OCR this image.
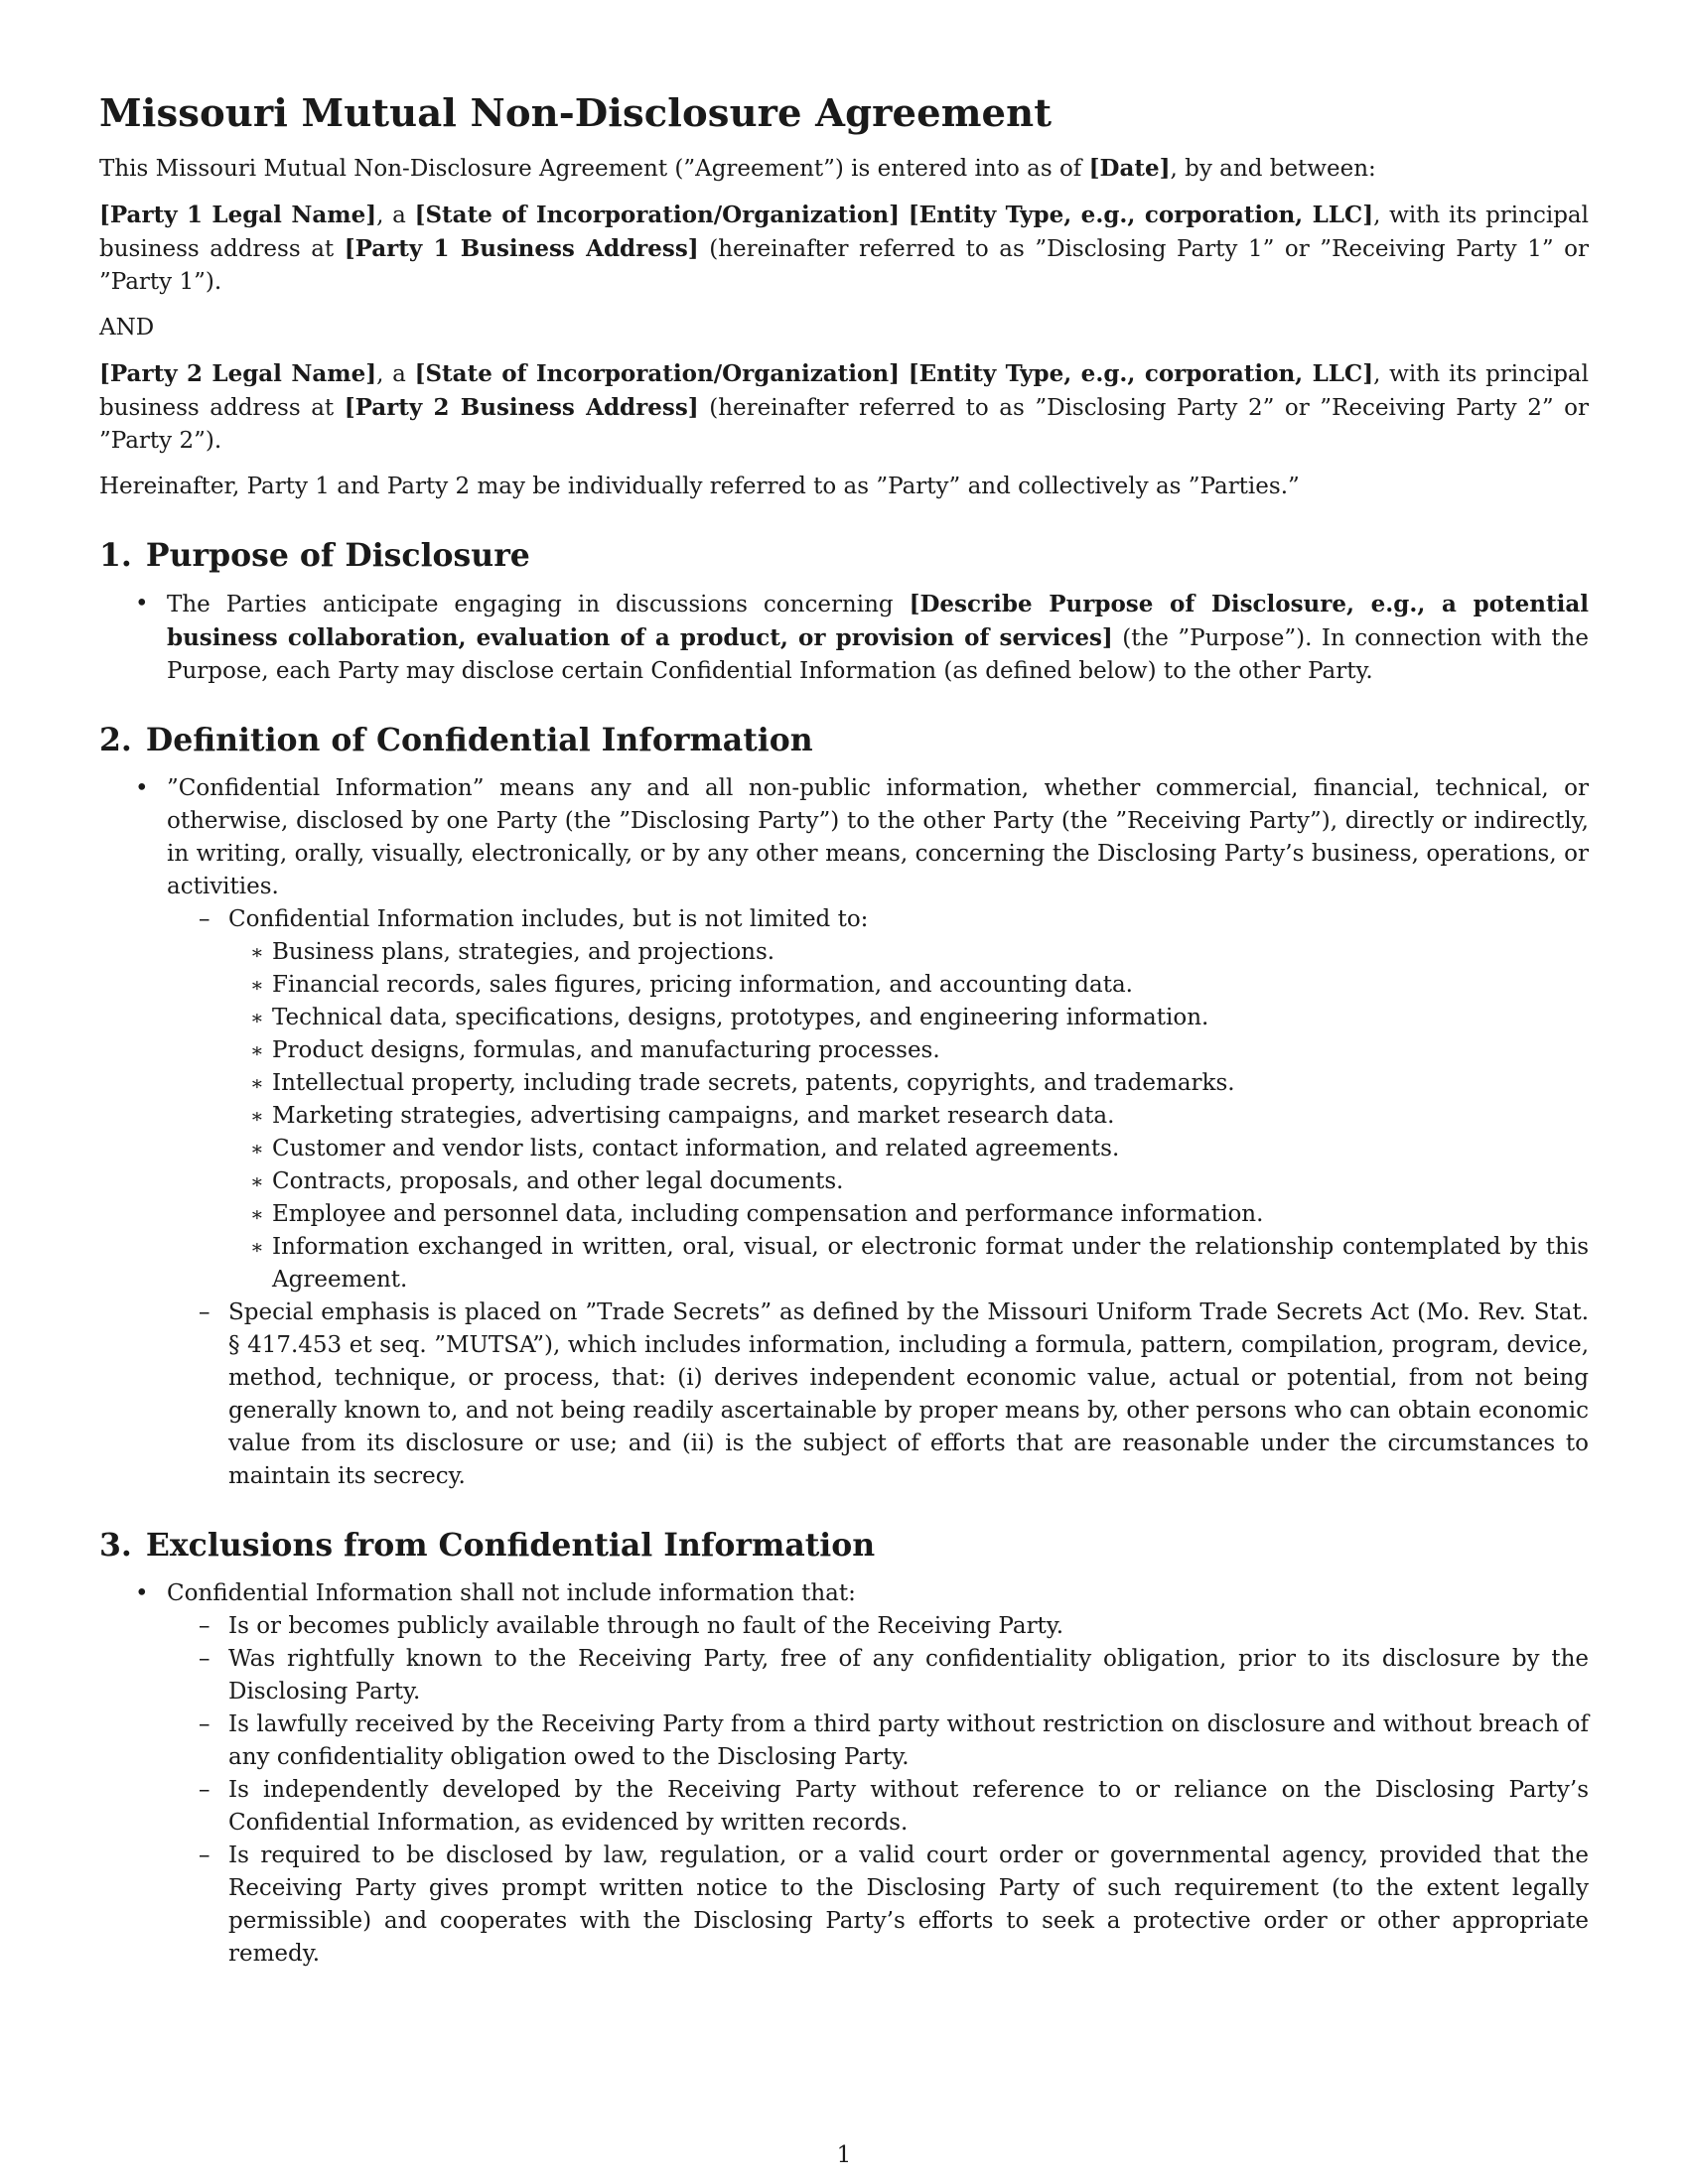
Missouri Mutual Non-Disclosure Agreement

This Missouri Mutual Non-Disclosure Agreement (”Agreement”) is entered into as of [Date], by and between:

[Party 1 Legal Name], a [State of Incorporation/Organization] [Entity Type, e.g., corporation, LLC], with its principal business address at [Party 1 Business Address] (hereinafter referred to as ”Disclosing Party 1” or ”Receiving Party 1” or ”Party 1”).

AND

[Party 2 Legal Name], a [State of Incorporation/Organization] [Entity Type, e.g., corporation, LLC], with its principal business address at [Party 2 Business Address] (hereinafter referred to as ”Disclosing Party 2” or ”Receiving Party 2” or ”Party 2”).

Hereinafter, Party 1 and Party 2 may be individually referred to as ”Party” and collectively as ”Parties.”

1. Purpose of Disclosure
• The Parties anticipate engaging in discussions concerning [Describe Purpose of Disclosure, e.g., a potential business collaboration, evaluation of a product, or provision of services] (the ”Purpose”). In connection with the Purpose, each Party may disclose certain Confidential Information (as defined below) to the other Party.
2. Definition of Confidential Information
• ”Confidential Information” means any and all non-public information, whether commercial, financial, technical, or otherwise, disclosed by one Party (the ”Disclosing Party”) to the other Party (the ”Receiving Party”), directly or indirectly, in writing, orally, visually, electronically, or by any other means, concerning the Disclosing Party’s business, operations, or activities.
– Confidential Information includes, but is not limited to:
∗ Business plans, strategies, and projections.
∗ Financial records, sales figures, pricing information, and accounting data.
∗ Technical data, specifications, designs, prototypes, and engineering information.
∗ Product designs, formulas, and manufacturing processes.
∗ Intellectual property, including trade secrets, patents, copyrights, and trademarks.
∗ Marketing strategies, advertising campaigns, and market research data.
∗ Customer and vendor lists, contact information, and related agreements.
∗ Contracts, proposals, and other legal documents.
∗ Employee and personnel data, including compensation and performance information.
∗ Information exchanged in written, oral, visual, or electronic format under the relationship contemplated by this Agreement.
– Special emphasis is placed on ”Trade Secrets” as defined by the Missouri Uniform Trade Secrets Act (Mo. Rev. Stat. § 417.453 et seq. ”MUTSA”), which includes information, including a formula, pattern, compilation, program, device, method, technique, or process, that: (i) derives independent economic value, actual or potential, from not being generally known to, and not being readily ascertainable by proper means by, other persons who can obtain economic value from its disclosure or use; and (ii) is the subject of efforts that are reasonable under the circumstances to maintain its secrecy.
3. Exclusions from Confidential Information
• Confidential Information shall not include information that:
– Is or becomes publicly available through no fault of the Receiving Party.
– Was rightfully known to the Receiving Party, free of any confidentiality obligation, prior to its disclosure by the Disclosing Party.
– Is lawfully received by the Receiving Party from a third party without restriction on disclosure and without breach of any confidentiality obligation owed to the Disclosing Party.
– Is independently developed by the Receiving Party without reference to or reliance on the Disclosing Party’s Confidential Information, as evidenced by written records.
– Is required to be disclosed by law, regulation, or a valid court order or governmental agency, provided that the Receiving Party gives prompt written notice to the Disclosing Party of such requirement (to the extent legally permissible) and cooperates with the Disclosing Party’s efforts to seek a protective order or other appropriate remedy.
1
